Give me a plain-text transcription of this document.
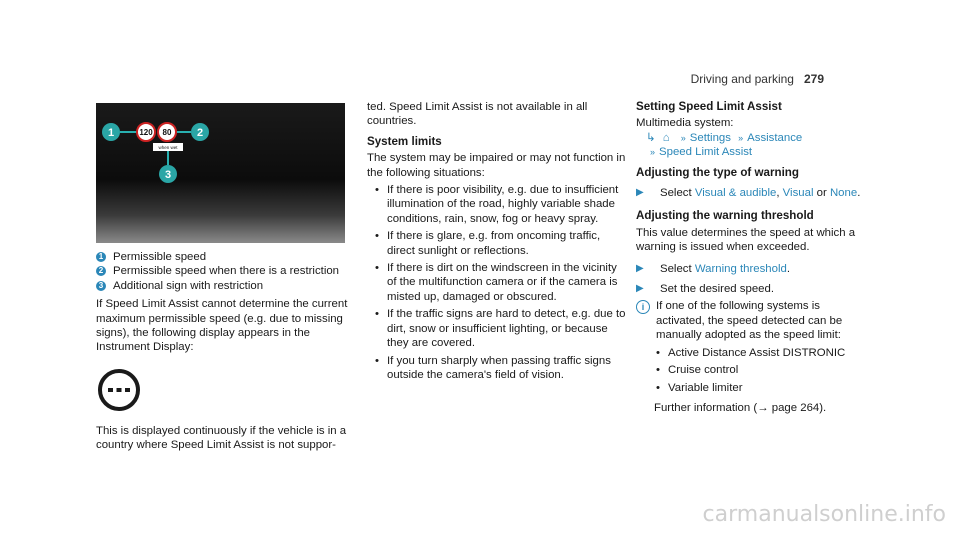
Driving and parking 279
120 80
when wet
1	2
3
1 Permissible speed
2 Permissible speed when there is a restriction
3 Additional sign with restriction

If Speed Limit Assist cannot determine the current maximum permissible speed (e.g. due to missing signs), the following display appears in the Instrument Display:

This is displayed continuously if the vehicle is in a country where Speed Limit Assist is not suppor-

ted. Speed Limit Assist is not available in all countries.

System limits

The system may be impaired or may not function in the following situations:

• If there is poor visibility, e.g. due to insufficient illumination of the road, highly variable shade conditions, rain, snow, fog or heavy spray.
• If there is glare, e.g. from oncoming traffic, direct sunlight or reflections.
• If there is dirt on the windscreen in the vicinity of the multifunction camera or if the camera is misted up, damaged or obscured.
• If the traffic signs are hard to detect, e.g. due to dirt, snow or insufficient lighting, or because they are covered.
• If you turn sharply when passing traffic signs outside the camera's field of vision.
Setting Speed Limit Assist

Multimedia system:

↳ ⌂ » Settings » Assistance
» Speed Limit Assist
Adjusting the type of warning
▶	Select Visual & audible, Visual or None.
Adjusting the warning threshold

This value determines the speed at which a warning is issued when exceeded.

▶	Select Warning threshold.
▶	Set the desired speed.
i	If one of the following systems is activated, the speed detected can be manually adopted as the speed limit:
• Active Distance Assist DISTRONIC
• Cruise control
• Variable limiter

Further information (→ page 264).

carmanualsonline.info
